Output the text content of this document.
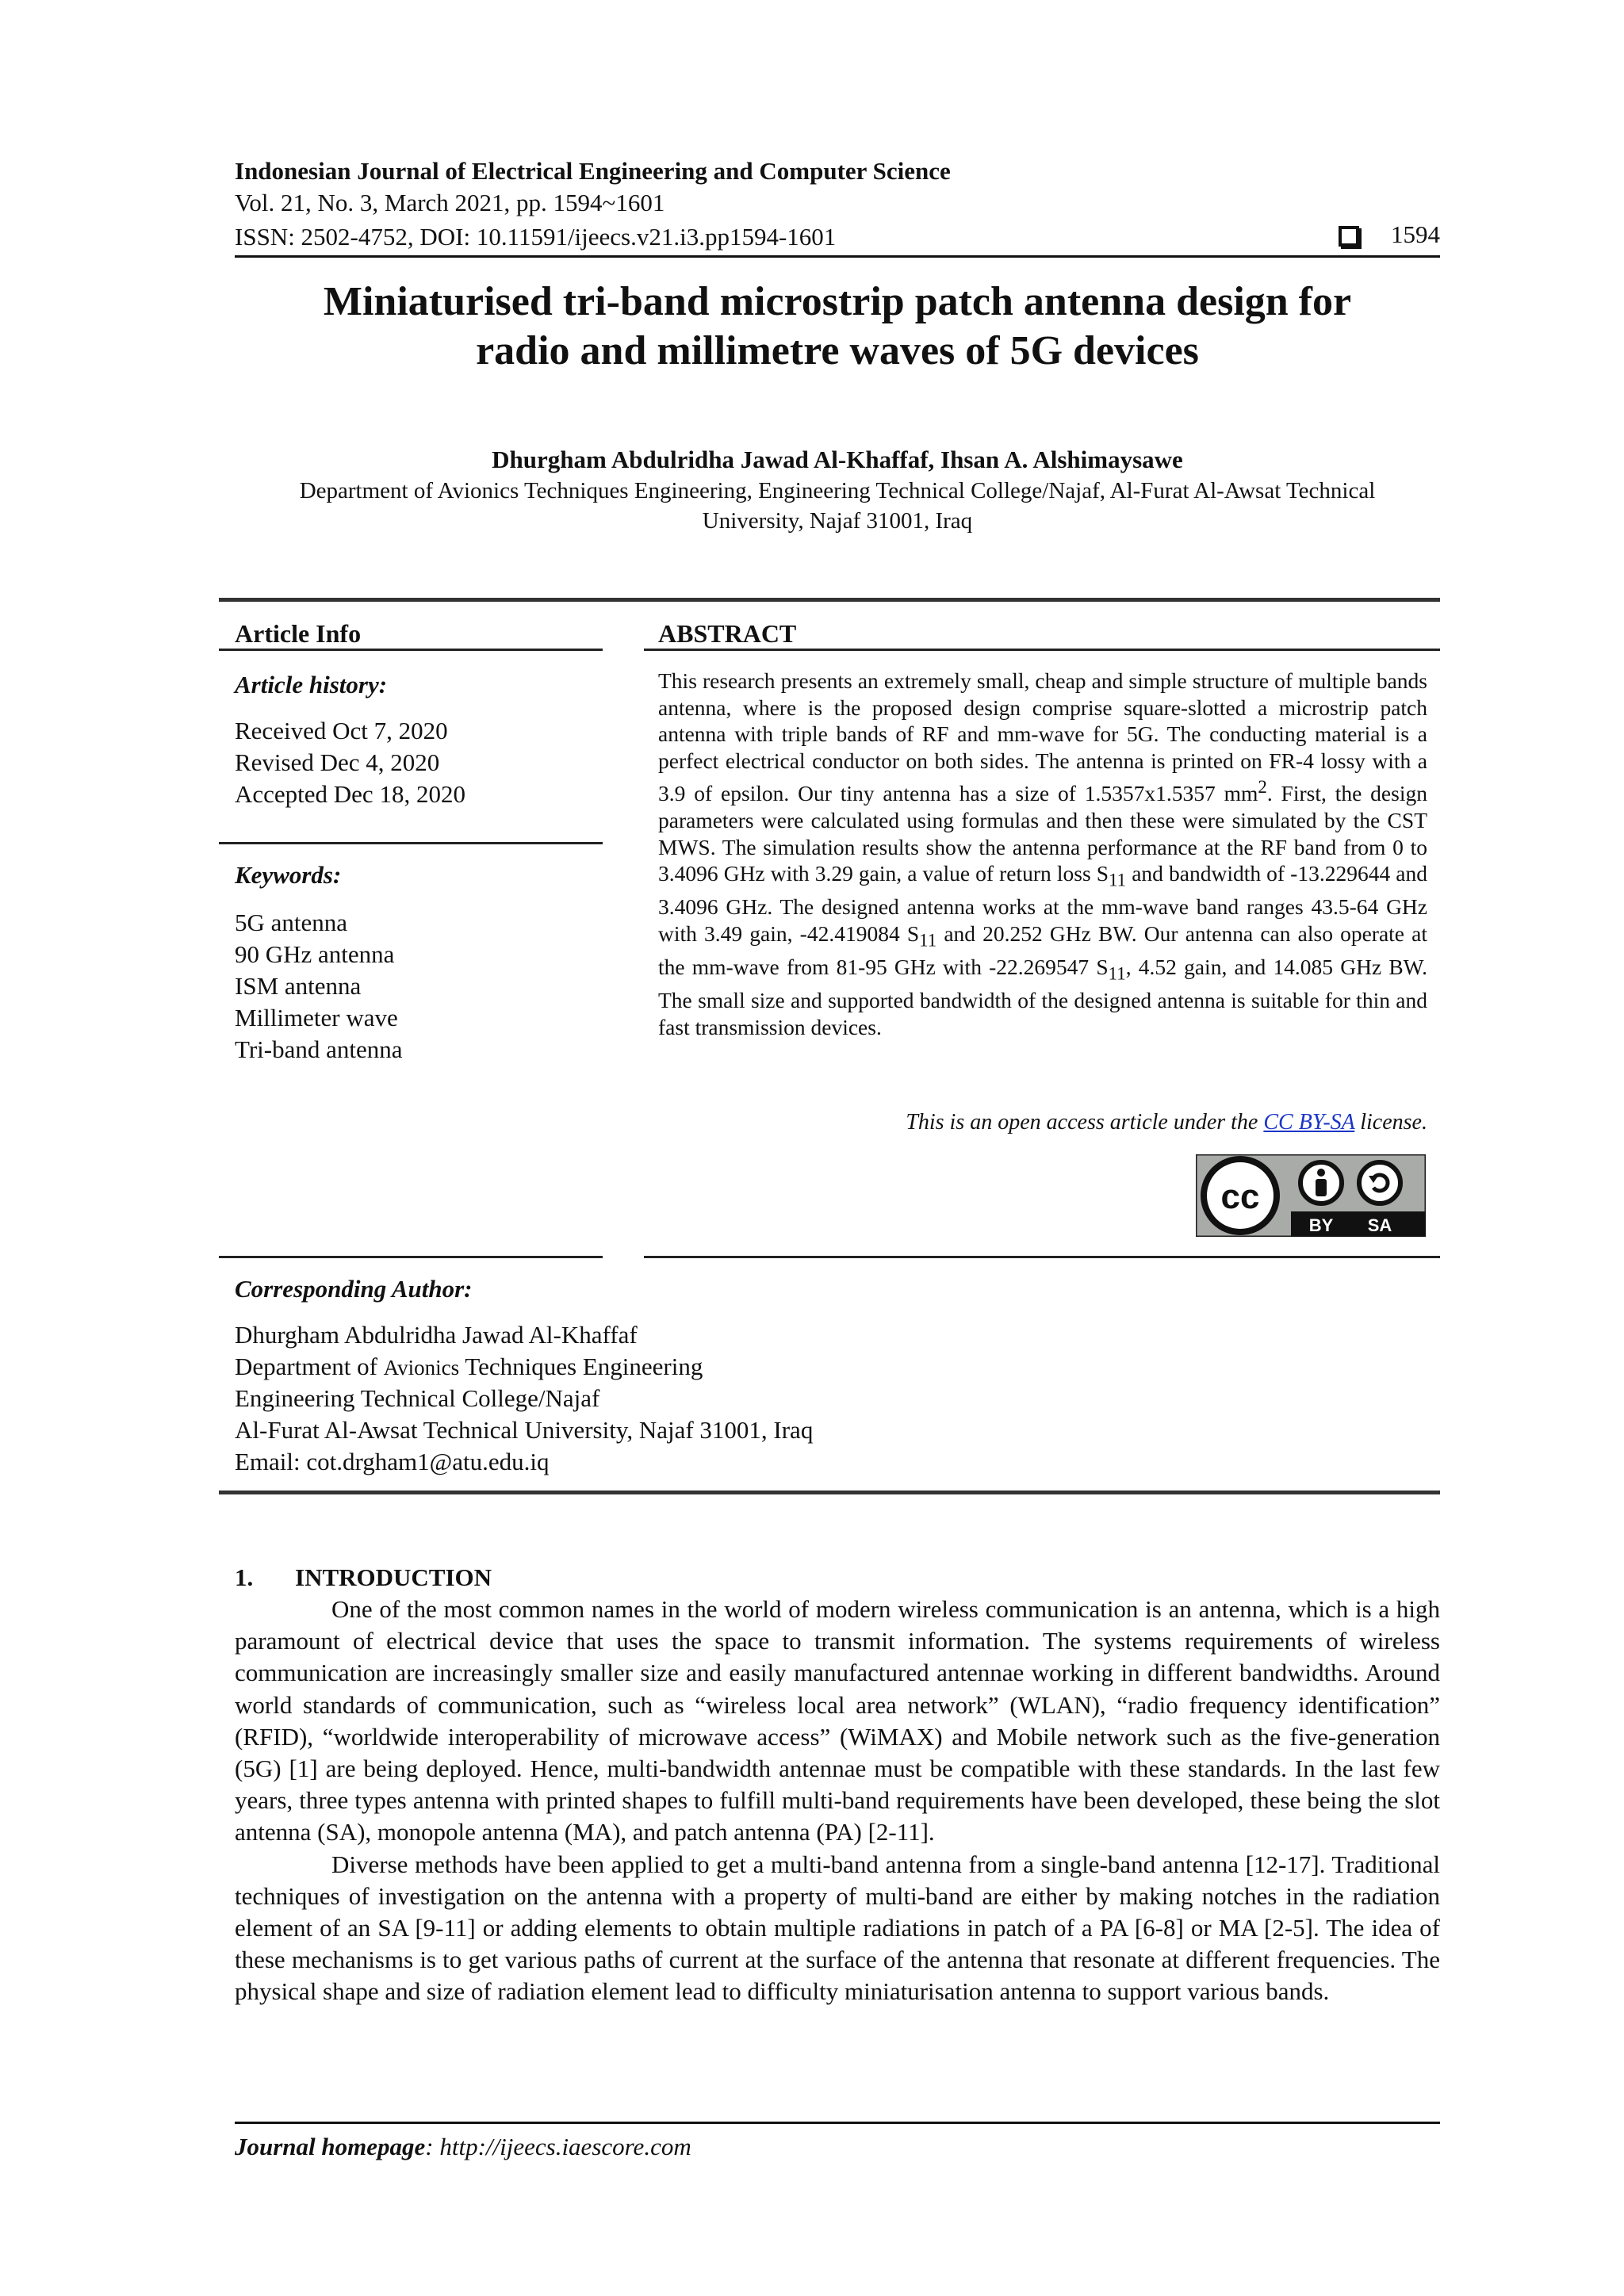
Indonesian Journal of Electrical Engineering and Computer Science
Vol. 21, No. 3, March 2021, pp. 1594~1601
ISSN: 2502-4752, DOI: 10.11591/ijeecs.v21.i3.pp1594-1601	1594
Miniaturised tri-band microstrip patch antenna design for
radio and millimetre waves of 5G devices
Dhurgham Abdulridha Jawad Al-Khaffaf, Ihsan A. Alshimaysawe
Department of Avionics Techniques Engineering, Engineering Technical College/Najaf, Al-Furat Al-Awsat Technical
University, Najaf 31001, Iraq
Article Info	ABSTRACT
Article history:
Received Oct 7, 2020
Revised Dec 4, 2020
Accepted Dec 18, 2020
Keywords:
5G antenna
90 GHz antenna
ISM antenna
Millimeter wave
Tri-band antenna
This research presents an extremely small, cheap and simple structure of multiple bands antenna, where is the proposed design comprise square-slotted a microstrip patch antenna with triple bands of RF and mm-wave for 5G. The conducting material is a perfect electrical conductor on both sides. The antenna is printed on FR-4 lossy with a 3.9 of epsilon. Our tiny antenna has a size of 1.5357x1.5357 $mm^2$. First, the design parameters were calculated using formulas and then these were simulated by the CST MWS. The simulation results show the antenna performance at the RF band from 0 to 3.4096 GHz with 3.29 gain, a value of return loss $S_{11}$ and bandwidth of -13.229644 and 3.4096 GHz. The designed antenna works at the mm-wave band ranges 43.5-64 GHz with 3.49 gain, -42.419084 $S_{11}$ and 20.252 GHz BW. Our antenna can also operate at the mm-wave from 81-95 GHz with -22.269547 $S_{11}$, 4.52 gain, and 14.085 GHz BW. The small size and supported bandwidth of the designed antenna is suitable for thin and fast transmission devices.
This is an open access article under the CC BY-SA license.
cc
BY SA
Corresponding Author:
Dhurgham Abdulridha Jawad Al-Khaffaf
Department of Avionics Techniques Engineering
Engineering Technical College/Najaf
Al-Furat Al-Awsat Technical University, Najaf 31001, Iraq
Email: cot.drgham1@atu.edu.iq
1. INTRODUCTION

One of the most common names in the world of modern wireless communication is an antenna, which is a high paramount of electrical device that uses the space to transmit information. The systems requirements of wireless communication are increasingly smaller size and easily manufactured antennae working in different bandwidths. Around world standards of communication, such as “wireless local area network” (WLAN), “radio frequency identification” (RFID), “worldwide interoperability of microwave access” (WiMAX) and Mobile network such as the five-generation (5G) [1] are being deployed. Hence, multi-bandwidth antennae must be compatible with these standards. In the last few years, three types antenna with printed shapes to fulfill multi-band requirements have been developed, these being the slot antenna (SA), monopole antenna (MA), and patch antenna (PA) [2-11].

Diverse methods have been applied to get a multi-band antenna from a single-band antenna [12-17]. Traditional techniques of investigation on the antenna with a property of multi-band are either by making notches in the radiation element of an SA [9-11] or adding elements to obtain multiple radiations in patch of a PA [6-8] or MA [2-5]. The idea of these mechanisms is to get various paths of current at the surface of the antenna that resonate at different frequencies. The physical shape and size of radiation element lead to difficulty miniaturisation antenna to support various bands.

Journal homepage: http://ijeecs.iaescore.com
